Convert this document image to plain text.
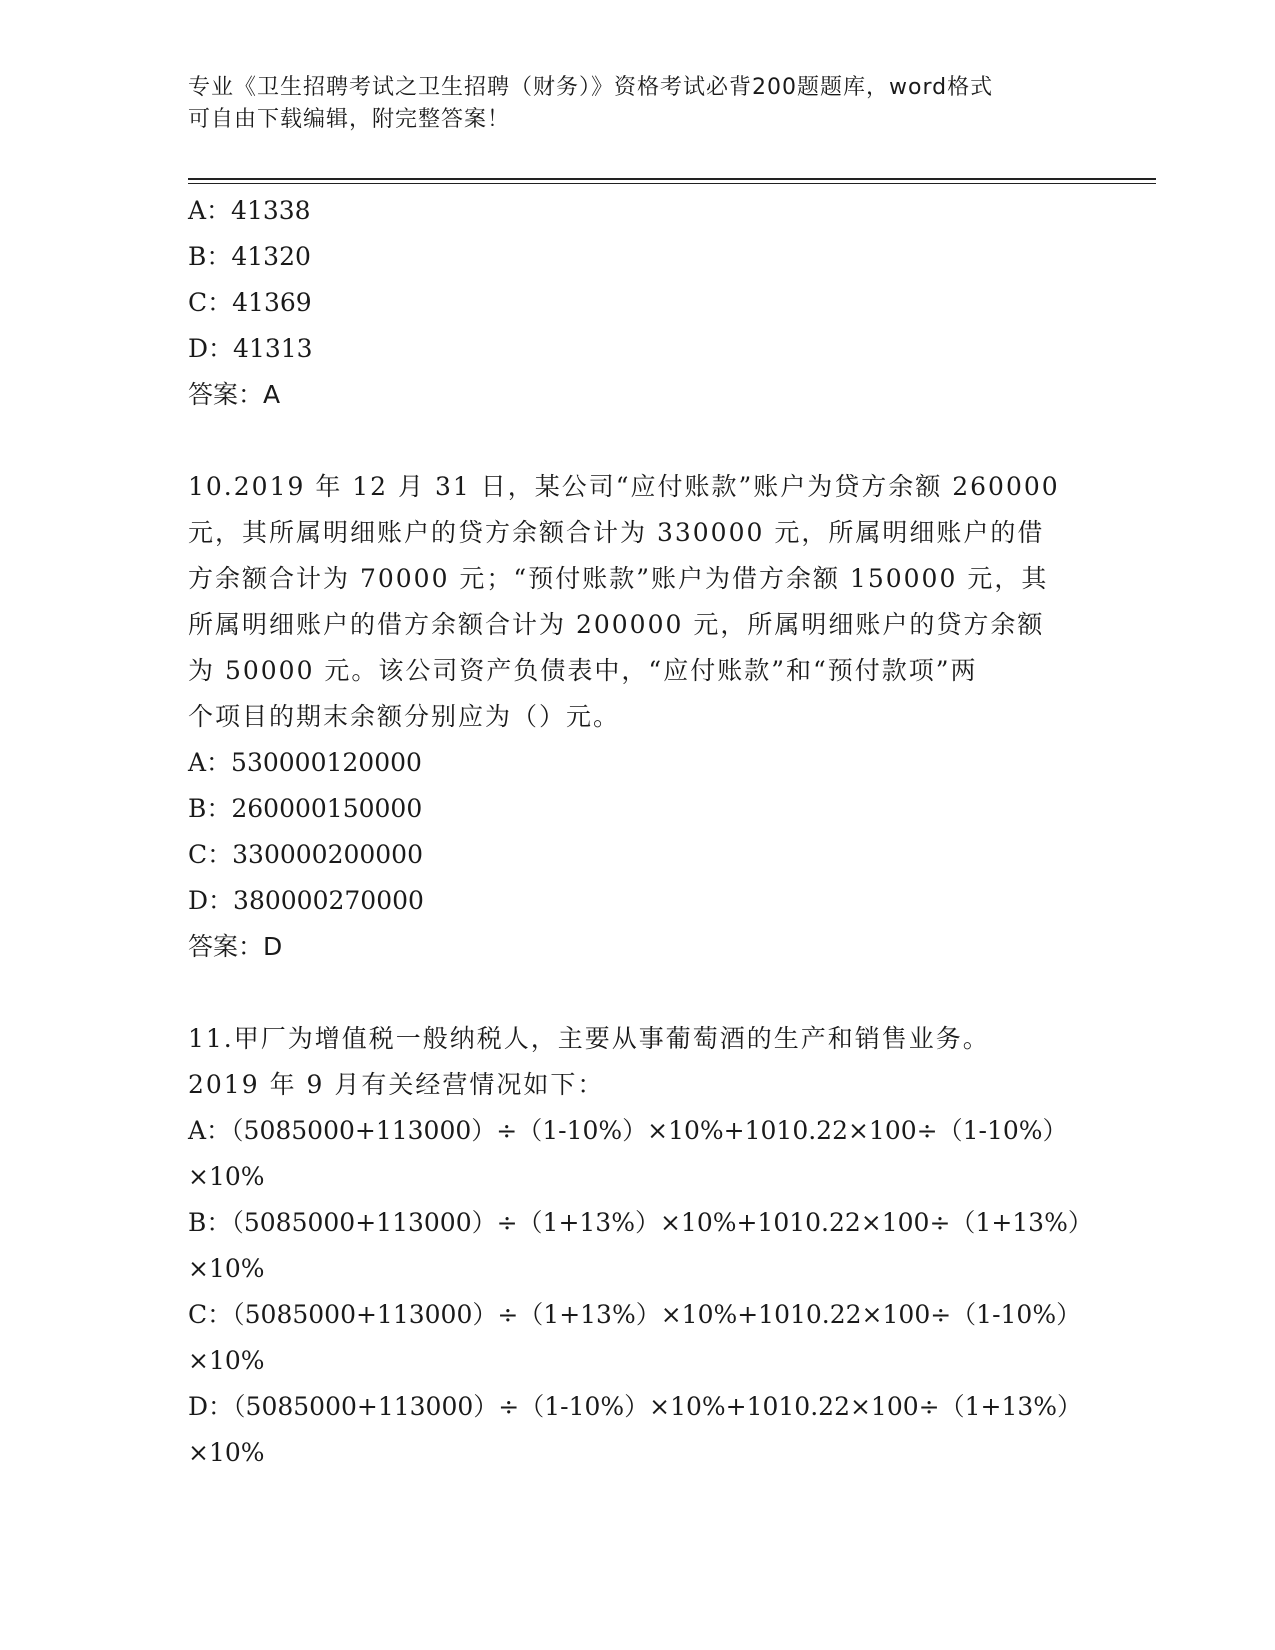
专业《卫生招聘考试之卫生招聘（财务）》资格考试必背200题题库，word格式
可自由下载编辑，附完整答案！
A：41338
B：41320
C：41369
D：41313
答案：A
10.2019 年 12 月 31 日，某公司“应付账款”账户为贷方余额 260000
元，其所属明细账户的贷方余额合计为 330000 元，所属明细账户的借
方余额合计为 70000 元；“预付账款”账户为借方余额 150000 元，其
所属明细账户的借方余额合计为 200000 元，所属明细账户的贷方余额
为 50000 元。该公司资产负债表中，“应付账款”和“预付款项”两
个项目的期末余额分别应为（）元。
A：530000120000
B：260000150000
C：330000200000
D：380000270000
答案：D
11.甲厂为增值税一般纳税人，主要从事葡萄酒的生产和销售业务。
2019 年 9 月有关经营情况如下：
A：（5085000+113000）÷（1-10%）×10%+1010.22×100÷（1-10%）
×10%
B：（5085000+113000）÷（1+13%）×10%+1010.22×100÷（1+13%）
×10%
C：（5085000+113000）÷（1+13%）×10%+1010.22×100÷（1-10%）
×10%
D：（5085000+113000）÷（1-10%）×10%+1010.22×100÷（1+13%）
×10%
